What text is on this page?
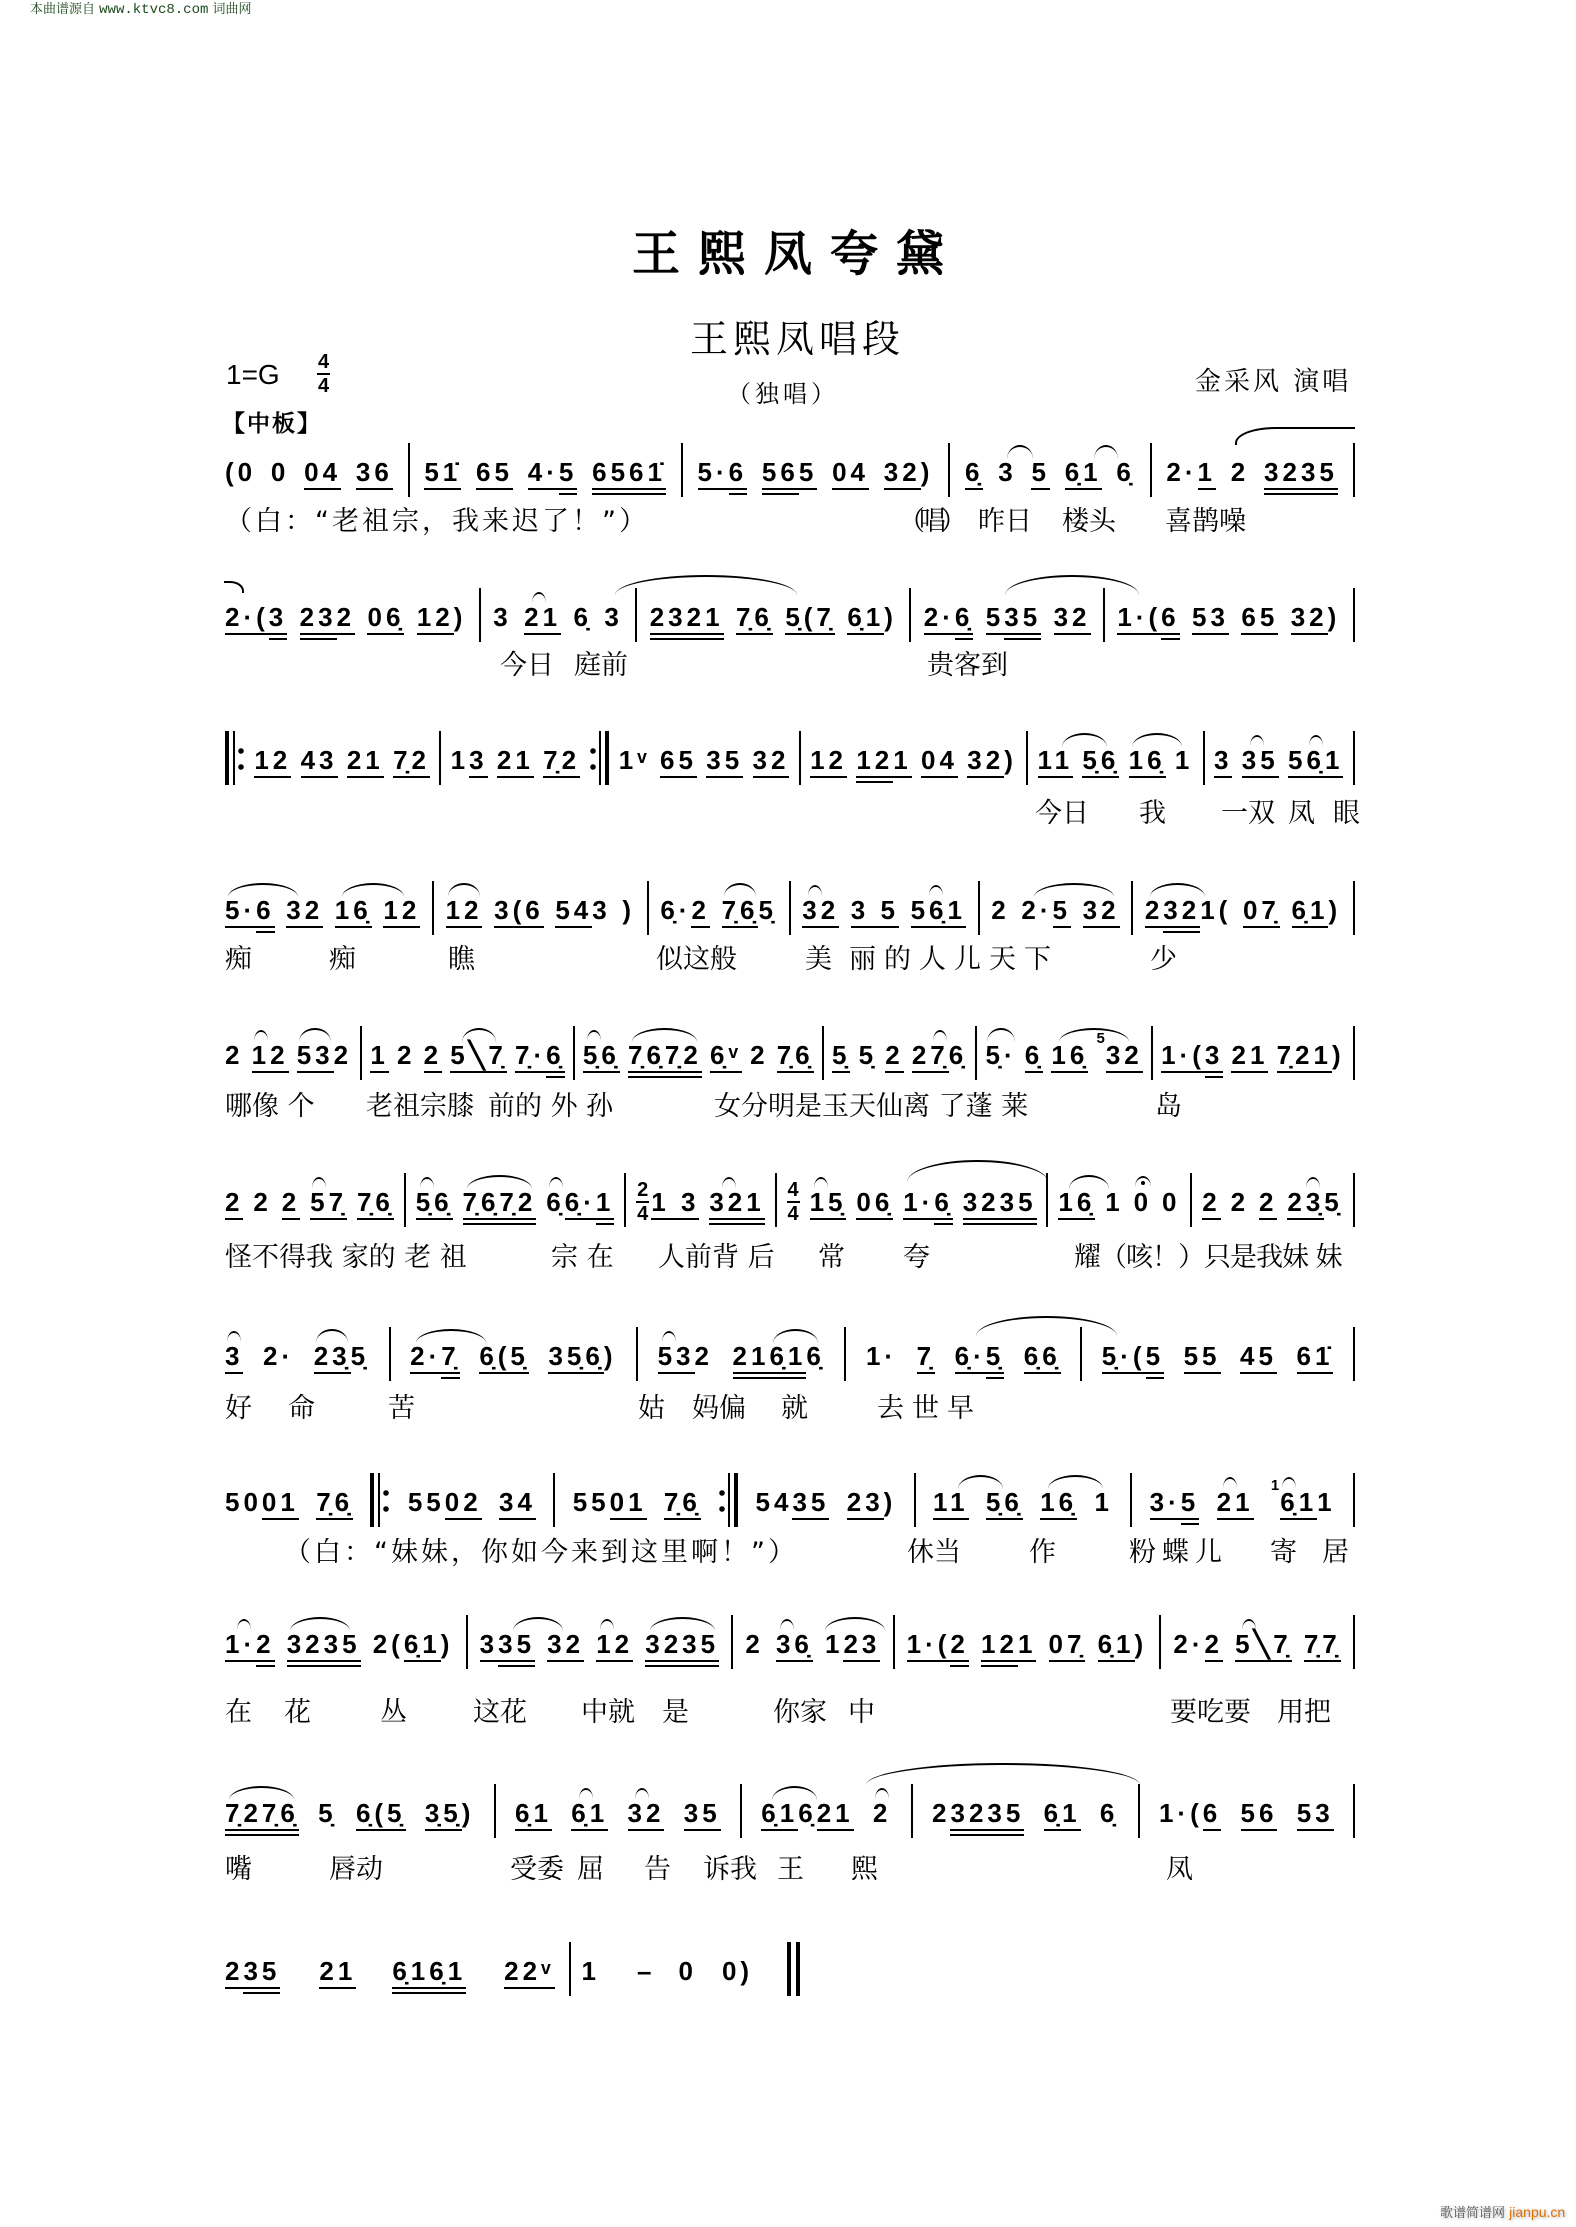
本曲谱源自 www.ktvc8.com 词曲网
王熙凤夸黛
王熙凤唱段
（独唱）
1=G 4
4	金采风 演唱
【中板】
(0 0 04 36 51̇ 65 4· 5 6561̇ 5· 6 56 5 04 32 ) 6̣ 3 5 6̣1 6̣ 2· 1 2 3235
（白：“老祖宗，我来迟了！”）	（唱） 昨日 楼头 喜鹊噪
2·( 3 23 2 06̣ 12 ) 3 21 6̣ 3 2321 7̣6̣ 5̣(7̣ 6̣1 ) 2· 6̣ 5 35 32 1·( 6 53 65 32 )
今日 庭前	贵客到
12 43 21 7̣2 1 3 21 7̣2 1ᵛ 65 35 32 12 12 1 04 32 ) 11 5̣6̣ 16̣ 1 3 35 56̣1
今日 我 一双 凤 眼
5· 6 32 16̣ 12 12 3(6 54 3 ) 6̣· 2 7̣6̣ 5̣ 32 3 5 56̣1 2 2· 5 32 2 32 1( 07̣ 6̣1 )
痴	痴	瞧	似这般	美 丽的人儿天下	少
2 12 53 2 1 2 2 5╲7̣ 7̣· 6̣ 5̣6̣ 7̣6̣7̣2 6̣ᵛ 2 7̣6̣ 5̣ 5̣ 2 27̣ 6̣ 5̣· 6̣ 16̣
5
32 1·( 3 21 7̣21 )
哪像 个 老祖宗膝 前的 外 孙	女分明是玉天仙离 了蓬 莱	岛
2 2 2 57̣ 7̣6̣ 5̣6̣ 7̣6̣7̣2 6̣ 6̣· 1 2
4 1 3 321 4
4 15̣ 06̣ 1· 6̣ 3235 16̣ 1 0 0 2 2 2 23̣ 5̣
怪不得我 家的 老 祖	宗 在 人前背 后 常 夸	耀（咳！）只是我妹 妹
3 2· 23̣ 5̣ 2· 7̣ 6̣(5̣ 35̣6̣ ) 53 2 216̣1 6̣ 1· 7̣ 6̣· 5̣ 6̣6̣ 5̣·( 5 55 45 61̇
好 命	苦	姑 妈偏 就	去世早
50 01 7̣6̣ 55 02 34 55 01 7̣6̣ 54 35 23 ) 11 5̣6̣ 16̣ 1 3· 5 21
1
6̣1 1
（白：“妹妹，你如今来到这里啊！”）	休当	作	粉蝶儿 寄 居
1· 2 3235 2( 6̣1 ) 3 35 32 12 3235 2 36̣ 1 23 1·( 2 12 1 07̣ 6̣1 ) 2· 2 5╲7̣ 7̣7̣
在 花	丛 这花 中就 是	你家 中	要吃要 用把
7̣27̣6̣ 5̣ 6̣(5̣ 3̣5̣ ) 6̣1 6̣1 32 35 6̣1 6̣ 21 2 2 3235 6̣1 6̣ 1·( 6 56 53
嘴	唇动	受委 屈 告 诉我 王 熙	凤
2 35 21 6̣16̣1 22ᵛ 1 – 0 0)
歌谱简谱网 jianpu.cn
